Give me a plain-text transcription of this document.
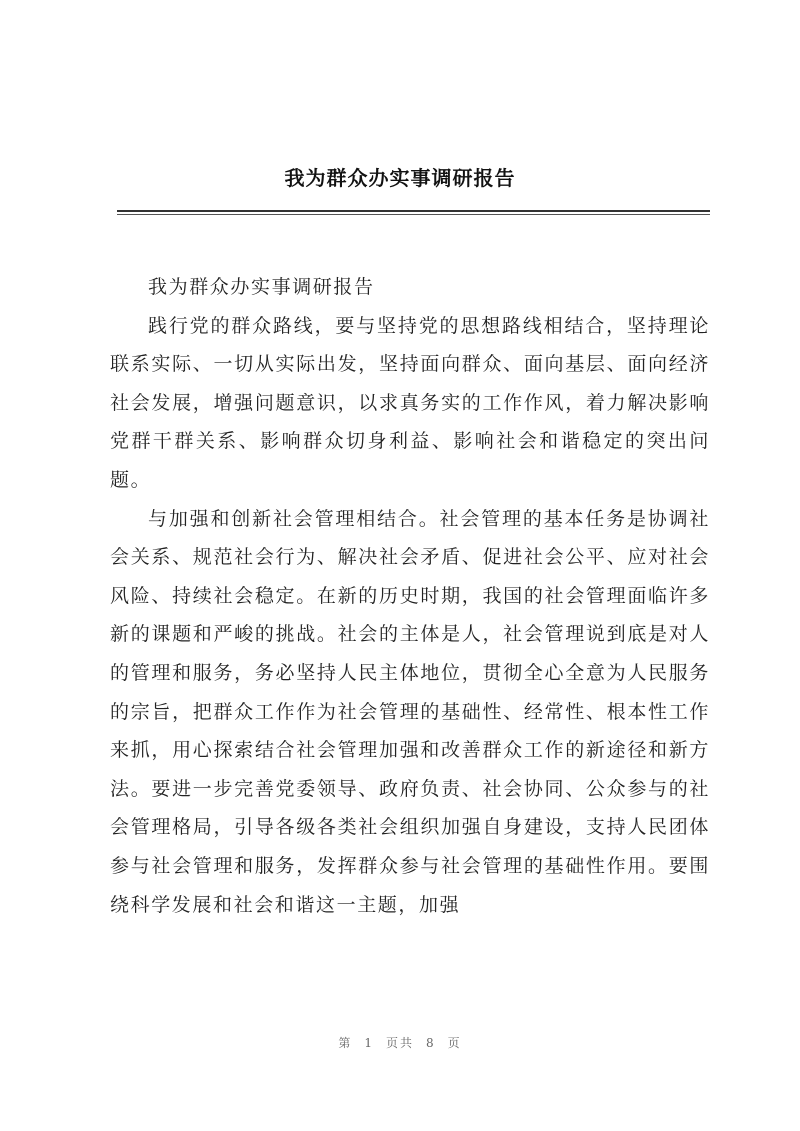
我为群众办实事调研报告

我为群众办实事调研报告

践行党的群众路线，要与坚持党的思想路线相结合，坚持理论联系实际、一切从实际出发，坚持面向群众、面向基层、面向经济社会发展，增强问题意识，以求真务实的工作作风，着力解决影响党群干群关系、影响群众切身利益、影响社会和谐稳定的突出问题。

与加强和创新社会管理相结合。社会管理的基本任务是协调社会关系、规范社会行为、解决社会矛盾、促进社会公平、应对社会风险、持续社会稳定。在新的历史时期，我国的社会管理面临许多新的课题和严峻的挑战。社会的主体是人，社会管理说到底是对人的管理和服务，务必坚持人民主体地位，贯彻全心全意为人民服务的宗旨，把群众工作作为社会管理的基础性、经常性、根本性工作来抓，用心探索结合社会管理加强和改善群众工作的新途径和新方法。要进一步完善党委领导、政府负责、社会协同、公众参与的社会管理格局，引导各级各类社会组织加强自身建设，支持人民团体参与社会管理和服务，发挥群众参与社会管理的基础性作用。要围绕科学发展和社会和谐这一主题，加强

第 1 页共 8 页
